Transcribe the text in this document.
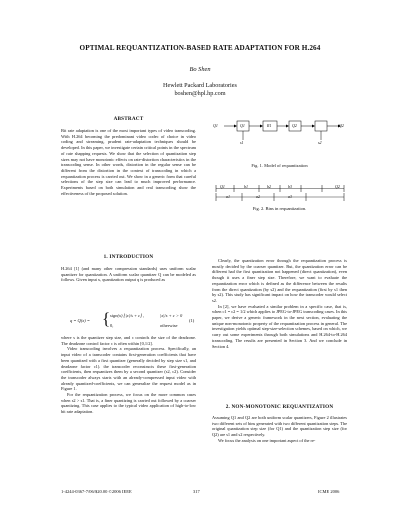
OPTIMAL REQUANTIZATION-BASED RATE ADAPTATION FOR H.264
Bo Shen
Hewlett Packard Laboratories
boshen@hpl.hp.com
ABSTRACT

Bit rate adaptation is one of the most important types of video transcoding. With H.264 becoming the predominant video codec of choice in video coding and streaming, prudent rate-adaptation techniques should be developed. In this paper, we investigate certain critical points in the spectrum of rate shapping requests. We show that the selection of quantization step sizes may not have monotonic effects on rate-distortion characteristics in the transcoding sense. In other words, distortion in the regular sense can be different from the distortion in the context of transcoding in which a requantization process is carried out. We show in a generic form that careful selections of the step size can lead to much improved performance. Experiments based on both simulation and real transcoding show the effectiveness of the proposed solution.

1. INTRODUCTION

H.264 [1] (and many other compression standards) uses uniform scalar quantizer for quantization. A uniform scalar quantizer Q can be modeled as follows. Given input x, quantization output q is produced as

q = Q(x) = { sign(x) ⌊|x|/s + c⌋ ,	|x|/s + c > 0
0,	otherwise
(1)

where s is the quantizer step size, and c controls the size of the deadzone. The deadzone control factor c is often within [0,1/2].

Video transcoding involves a requantization process. Specifically, an input video of a transcoder contains first-generation coefficients that have been quantized with a first quantizer (generally decided by step size s1, and deadzone factor c1). the transcoder reconstructs these first-generation coefficients, then requantizes them by a second quantizer (s2, c2). Consider the transcoder always starts with an already-compressed input video with already quantized-coefficients, we can generalize the request model as in Figure 1.

For the requantization process, we focus on the more common cases when s2 > s1. That is, a finer quantizing is carried out followed by a coarser quantizing. This case applies to the typical video application of high-to-low bit rate adaptation.

Q1
s1
Q1	R1	Q2
s2
Q2
Fig. 1. Model of requantization
Q1	b1	b2	b3	Q2
a1	a2	a3
Fig. 2. Bins in requantization.

Clearly, the quantization error through the requantization process is mostly decided by the coarser quantizer. But, the quantization error can be different had the first quantization not happened (direct quantization), even though it uses a finer step size. Therefore, we want to evaluate the requantization error which is defined as the difference between the results from the direct quantization (by s2) and the requantization (first by s1 then by s2). This study has significant impact on how the transcoder would select s2.

In [2], we have evaluated a similar problem in a specific case, that is, when c1 = c2 = 1/2 which applies to JPEG-to-JPEG transcoding cases. In this paper, we derive a generic framework in the next section, evaluating the unique non-monotonic property of the requantization process in general. The investigation yields optimal step-size-selection schemes, based on which, we carry out some experiments through both simulations and H.264-to-H.264 transcoding. The results are presented in Section 3. And we conclude in Section 4.

2. NON-MONOTONIC REQUANTIZATION

Assuming Q1 and Q2 are both uniform scalar quantizers, Figure 2 illustrates two different sets of bins generated with two different quantization steps. The original quantization step size (for Q1) and the quantization step size (for Q2) are s1 and s2 respectively.

We focus the analysis on one important aspect of the re-

1-4244-0367-7/06/$20.00 ©2006 IEEE	317	ICME 2006
